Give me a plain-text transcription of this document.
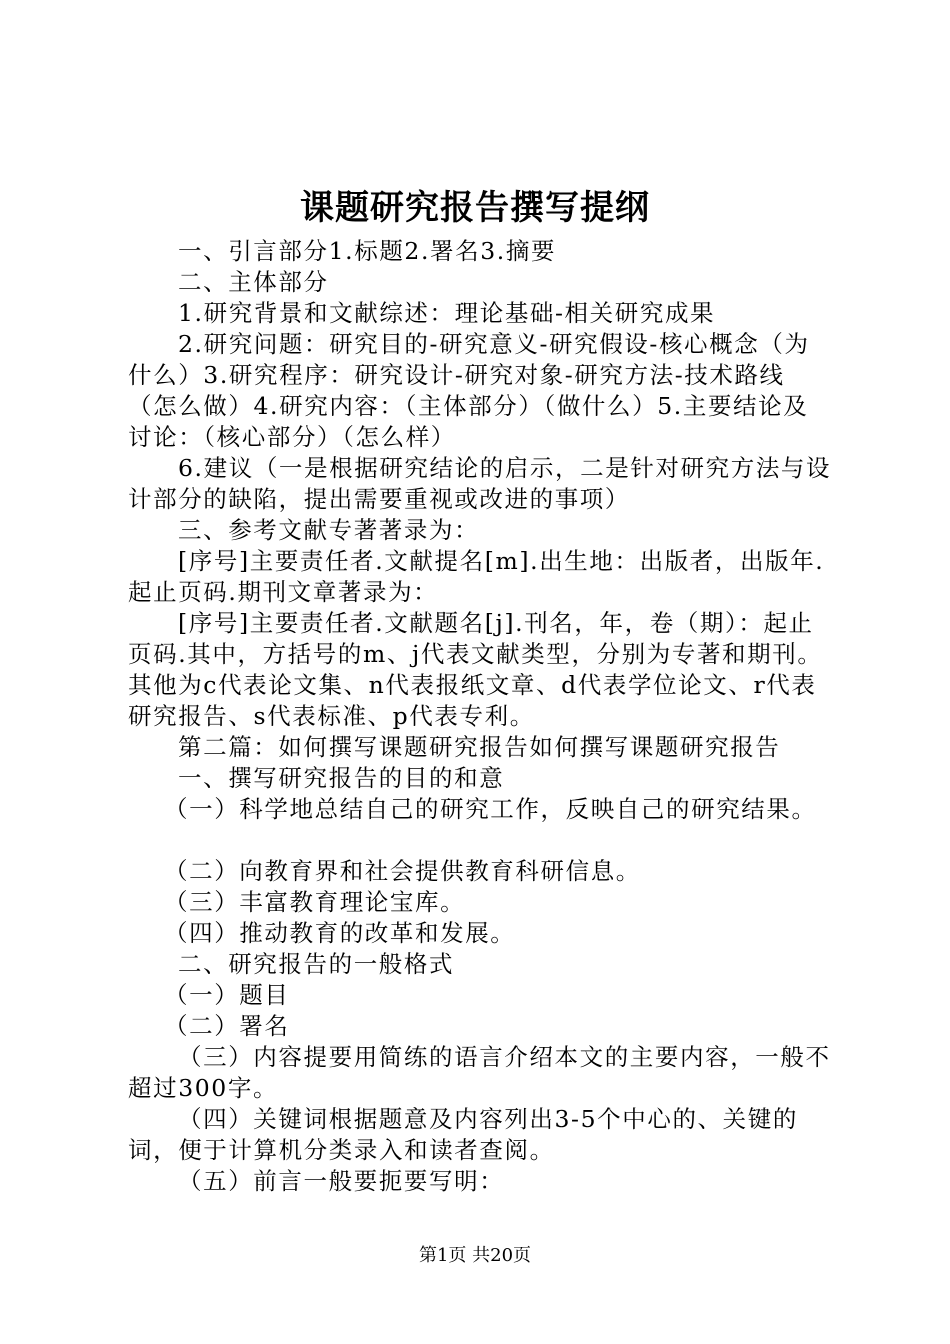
课题研究报告撰写提纲

一、引言部分1.标题2.署名3.摘要

二、主体部分

1.研究背景和文献综述：理论基础-相关研究成果

2.研究问题：研究目的-研究意义-研究假设-核心概念（为什么）3.研究程序：研究设计-研究对象-研究方法-技术路线（怎么做）4.研究内容：（主体部分）（做什么）5.主要结论及讨论：（核心部分）（怎么样）

6.建议（一是根据研究结论的启示，二是针对研究方法与设计部分的缺陷，提出需要重视或改进的事项）

三、参考文献专著著录为：

[序号]主要责任者.文献提名[m].出生地：出版者，出版年.起止页码.期刊文章著录为：

[序号]主要责任者.文献题名[j].刊名，年，卷（期）：起止页码.其中，方括号的m、j代表文献类型，分别为专著和期刊。其他为c代表论文集、n代表报纸文章、d代表学位论文、r代表研究报告、s代表标准、p代表专利。

第二篇：如何撰写课题研究报告如何撰写课题研究报告

一、撰写研究报告的目的和意

（一）科学地总结自己的研究工作，反映自己的研究结果。

（二）向教育界和社会提供教育科研信息。

（三）丰富教育理论宝库。

（四）推动教育的改革和发展。

二、研究报告的一般格式

（一）题目

（二）署名

（三）内容提要用简练的语言介绍本文的主要内容，一般不超过300字。

（四）关键词根据题意及内容列出3-5个中心的、关键的词，便于计算机分类录入和读者查阅。

（五）前言一般要扼要写明：

第1页 共20页
